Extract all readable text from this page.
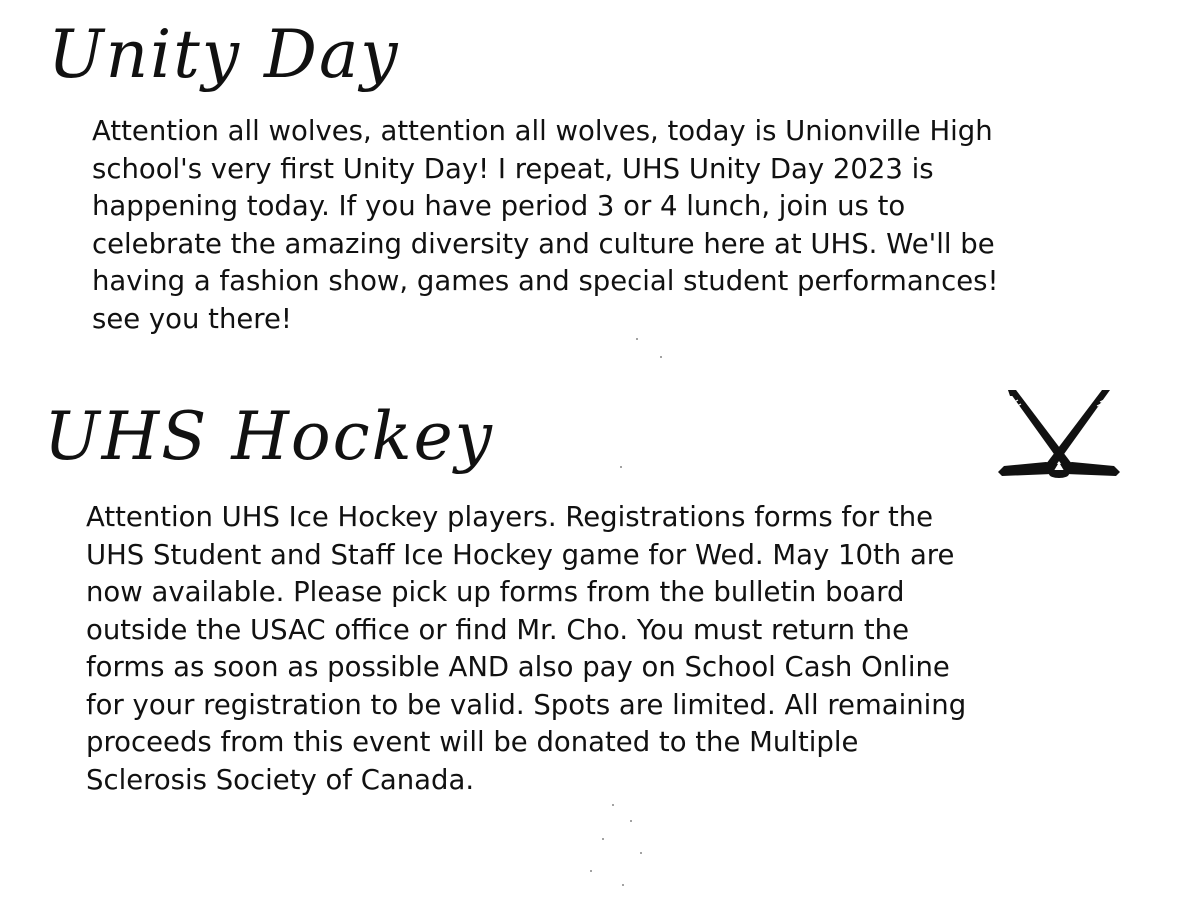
Unity Day

Attention all wolves, attention all wolves, today is Unionville High
school's very first Unity Day! I repeat, UHS Unity Day 2023 is
happening today. If you have period 3 or 4 lunch, join us to
celebrate the amazing diversity and culture here at UHS. We'll be
having a fashion show, games and special student performances!
see you there!

UHS Hockey

Attention UHS Ice Hockey players. Registrations forms for the
UHS Student and Staff Ice Hockey game for Wed. May 10th are
now available. Please pick up forms from the bulletin board
outside the USAC office or find Mr. Cho. You must return the
forms as soon as possible AND also pay on School Cash Online
for your registration to be valid. Spots are limited. All remaining
proceeds from this event will be donated to the Multiple
Sclerosis Society of Canada.
